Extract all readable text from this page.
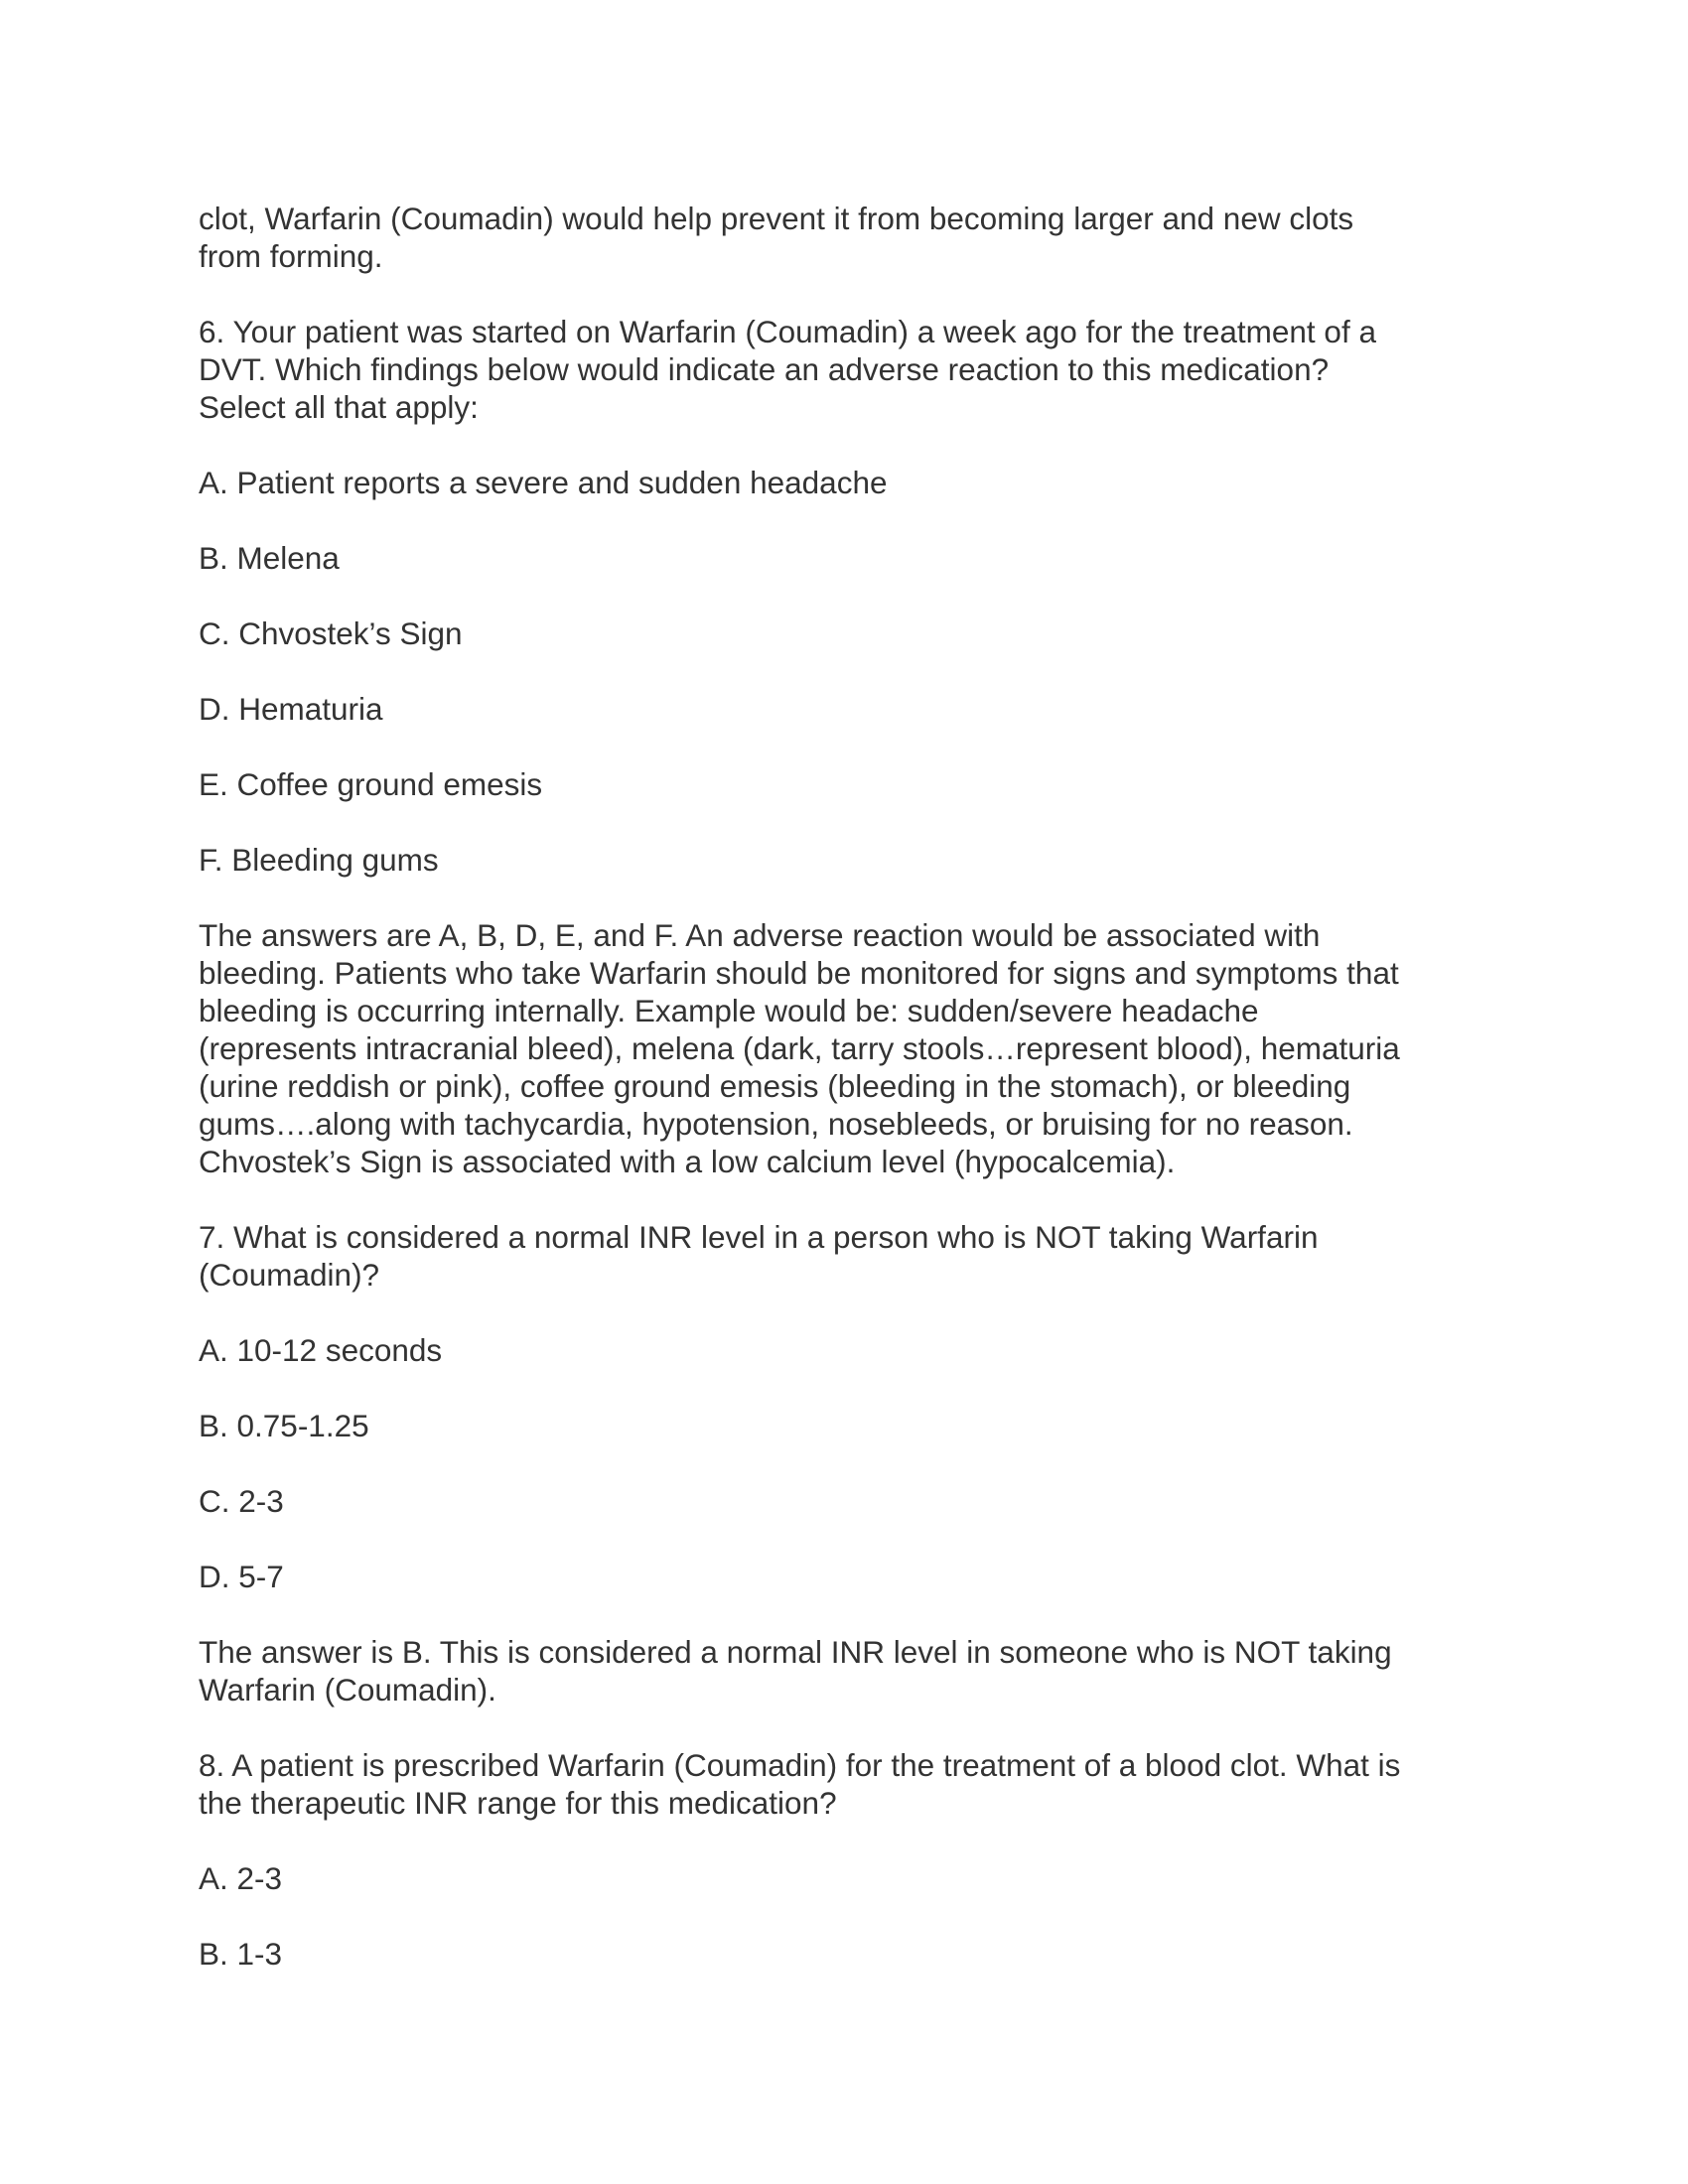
clot, Warfarin (Coumadin) would help prevent it from becoming larger and new clots
from forming.

6. Your patient was started on Warfarin (Coumadin) a week ago for the treatment of a
DVT. Which findings below would indicate an adverse reaction to this medication?
Select all that apply:

A. Patient reports a severe and sudden headache

B. Melena

C. Chvostek’s Sign

D. Hematuria

E. Coffee ground emesis

F. Bleeding gums

The answers are A, B, D, E, and F. An adverse reaction would be associated with
bleeding. Patients who take Warfarin should be monitored for signs and symptoms that
bleeding is occurring internally. Example would be: sudden/severe headache
(represents intracranial bleed), melena (dark, tarry stools…represent blood), hematuria
(urine reddish or pink), coffee ground emesis (bleeding in the stomach), or bleeding
gums….along with tachycardia, hypotension, nosebleeds, or bruising for no reason.
Chvostek’s Sign is associated with a low calcium level (hypocalcemia).

7. What is considered a normal INR level in a person who is NOT taking Warfarin
(Coumadin)?

A. 10-12 seconds

B. 0.75-1.25

C. 2-3

D. 5-7

The answer is B. This is considered a normal INR level in someone who is NOT taking
Warfarin (Coumadin).

8. A patient is prescribed Warfarin (Coumadin) for the treatment of a blood clot. What is
the therapeutic INR range for this medication?

A. 2-3

B. 1-3
